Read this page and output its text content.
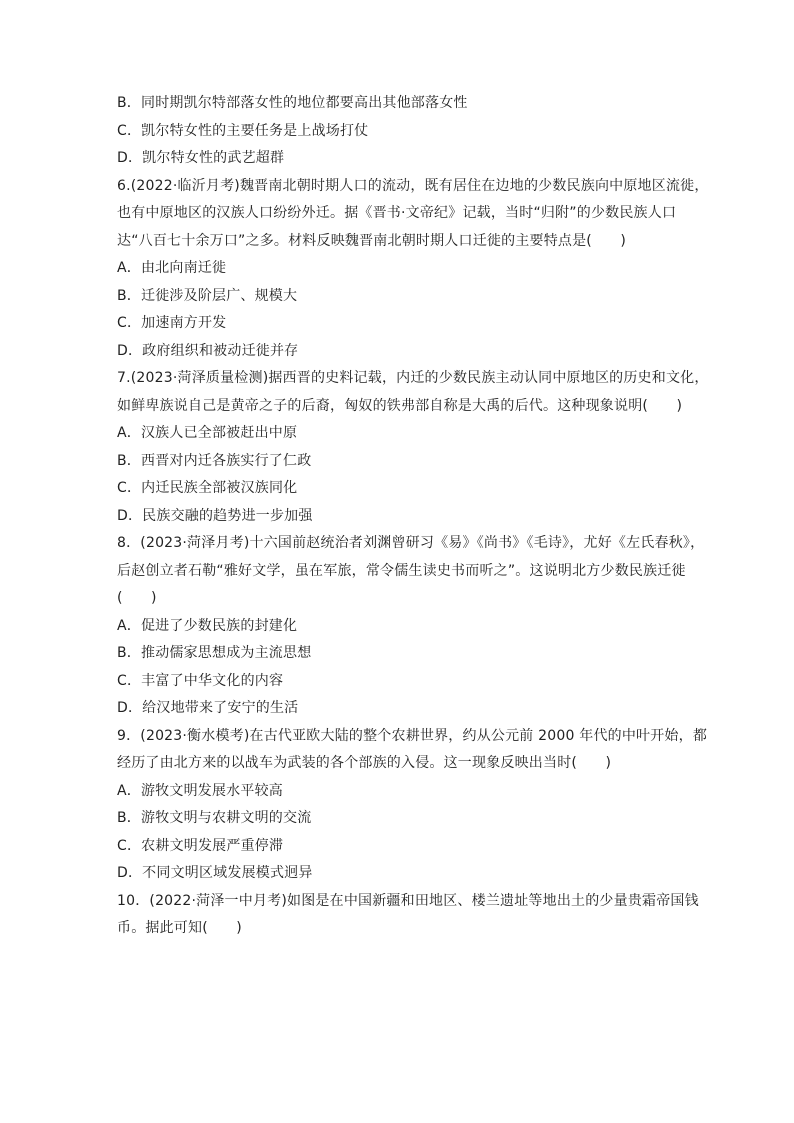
B．同时期凯尔特部落女性的地位都要高出其他部落女性
C．凯尔特女性的主要任务是上战场打仗
D．凯尔特女性的武艺超群
6.(2022·临沂月考)魏晋南北朝时期人口的流动，既有居住在边地的少数民族向中原地区流徙，
也有中原地区的汉族人口纷纷外迁。据《晋书·文帝纪》记载，当时“归附”的少数民族人口
达“八百七十余万口”之多。材料反映魏晋南北朝时期人口迁徙的主要特点是(　　)
A．由北向南迁徙
B．迁徙涉及阶层广、规模大
C．加速南方开发
D．政府组织和被动迁徙并存
7.(2023·菏泽质量检测)据西晋的史料记载，内迁的少数民族主动认同中原地区的历史和文化，
如鲜卑族说自己是黄帝之子的后裔，匈奴的铁弗部自称是大禹的后代。这种现象说明(　　)
A．汉族人已全部被赶出中原
B．西晋对内迁各族实行了仁政
C．内迁民族全部被汉族同化
D．民族交融的趋势进一步加强
8．(2023·菏泽月考)十六国前赵统治者刘渊曾研习《易》《尚书》《毛诗》，尤好《左氏春秋》，
后赵创立者石勒“雅好文学，虽在军旅，常令儒生读史书而听之”。这说明北方少数民族迁徙
(　　)
A．促进了少数民族的封建化
B．推动儒家思想成为主流思想
C．丰富了中华文化的内容
D．给汉地带来了安宁的生活
9．(2023·衡水模考)在古代亚欧大陆的整个农耕世界，约从公元前 2000 年代的中叶开始，都
经历了由北方来的以战车为武装的各个部族的入侵。这一现象反映出当时(　　)
A．游牧文明发展水平较高
B．游牧文明与农耕文明的交流
C．农耕文明发展严重停滞
D．不同文明区域发展模式迥异
10．(2022·菏泽一中月考)如图是在中国新疆和田地区、楼兰遗址等地出土的少量贵霜帝国钱
币。据此可知(　　)
